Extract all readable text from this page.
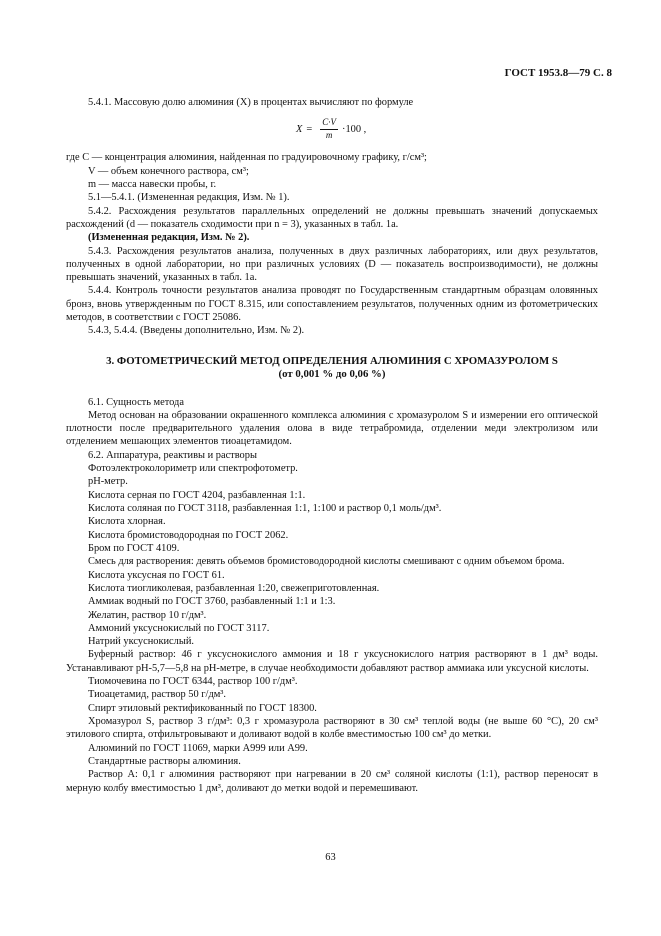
ГОСТ 1953.8—79 С. 8

5.4.1. Массовую долю алюминия (X) в процентах вычисляют по формуле

$X = \frac{C\cdot V}{m} \cdot 100$ ,

где C — концентрация алюминия, найденная по градуировочному графику, г/см³;

V — объем конечного раствора, см³;

m — масса навески пробы, г.

5.1—5.4.1. (Измененная редакция, Изм. № 1).

5.4.2. Расхождения результатов параллельных определений не должны превышать значений допускаемых расхождений (d — показатель сходимости при n = 3), указанных в табл. 1а.

(Измененная редакция, Изм. № 2).

5.4.3. Расхождения результатов анализа, полученных в двух различных лабораториях, или двух результатов, полученных в одной лаборатории, но при различных условиях (D — показатель воспроизводимости), не должны превышать значений, указанных в табл. 1а.

5.4.4. Контроль точности результатов анализа проводят по Государственным стандартным образцам оловянных бронз, вновь утвержденным по ГОСТ 8.315, или сопоставлением результатов, полученных одним из фотометрических методов, в соответствии с ГОСТ 25086.

5.4.3, 5.4.4. (Введены дополнительно, Изм. № 2).

3. ФОТОМЕТРИЧЕСКИЙ МЕТОД ОПРЕДЕЛЕНИЯ АЛЮМИНИЯ С ХРОМАЗУРОЛОМ S
(от 0,001 % до 0,06 %)

6.1. Сущность метода

Метод основан на образовании окрашенного комплекса алюминия с хромазуролом S и измерении его оптической плотности после предварительного удаления олова в виде тетрабромида, отделении меди электролизом или отделением мешающих элементов тиоацетамидом.

6.2. Аппаратура, реактивы и растворы

Фотоэлектроколориметр или спектрофотометр.

pH-метр.

Кислота серная по ГОСТ 4204, разбавленная 1:1.

Кислота соляная по ГОСТ 3118, разбавленная 1:1, 1:100 и раствор 0,1 моль/дм³.

Кислота хлорная.

Кислота бромистоводородная по ГОСТ 2062.

Бром по ГОСТ 4109.

Смесь для растворения: девять объемов бромистоводородной кислоты смешивают с одним объемом брома.

Кислота уксусная по ГОСТ 61.

Кислота тиогликолевая, разбавленная 1:20, свежеприготовленная.

Аммиак водный по ГОСТ 3760, разбавленный 1:1 и 1:3.

Желатин, раствор 10 г/дм³.

Аммоний уксуснокислый по ГОСТ 3117.

Натрий уксуснокислый.

Буферный раствор: 46 г уксуснокислого аммония и 18 г уксуснокислого натрия растворяют в 1 дм³ воды. Устанавливают pH-5,7—5,8 на pH-метре, в случае необходимости добавляют раствор аммиака или уксусной кислоты.

Тиомочевина по ГОСТ 6344, раствор 100 г/дм³.

Тиоацетамид, раствор 50 г/дм³.

Спирт этиловый ректификованный по ГОСТ 18300.

Хромазурол S, раствор 3 г/дм³: 0,3 г хромазурола растворяют в 30 см³ теплой воды (не выше 60 °С), 20 см³ этилового спирта, отфильтровывают и доливают водой в колбе вместимостью 100 см³ до метки.

Алюминий по ГОСТ 11069, марки А999 или А99.

Стандартные растворы алюминия.

Раствор А: 0,1 г алюминия растворяют при нагревании в 20 см³ соляной кислоты (1:1), раствор переносят в мерную колбу вместимостью 1 дм³, доливают до метки водой и перемешивают.

63
